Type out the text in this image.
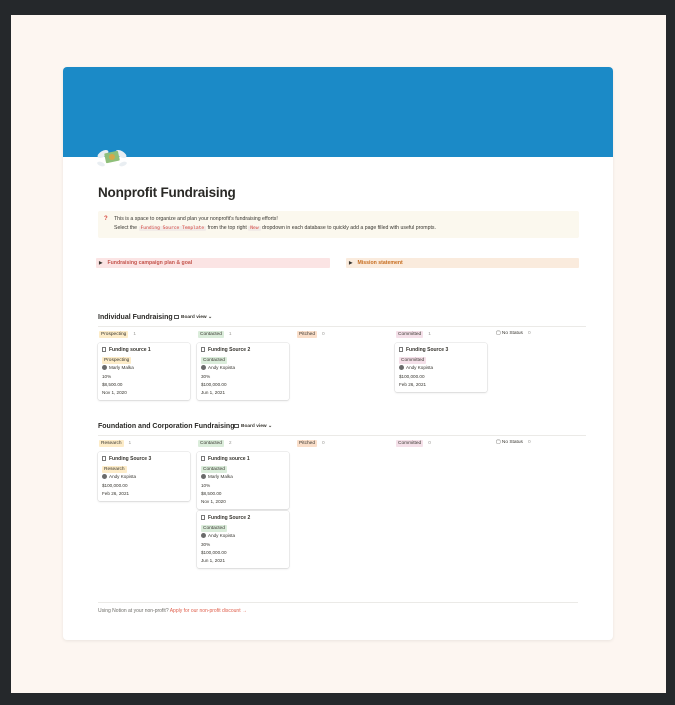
Nonprofit Fundraising
? This is a space to organize and plan your nonprofit's fundraising efforts!
Select the Funding Source Template from the top right New dropdown in each database to quickly add a page filled with useful prompts.
▶ Fundraising campaign plan & goal	▶ Mission statement
Individual Fundraising	Board view ⌄
Prospecting 1	Contacted 1	Pitched 0	Committed 1	▢ No Status 0
Funding source 1
Prospecting
Marly Malka
10%
$8,500.00
Nov 1, 2020
Funding Source 2
Contacted
Andy Kopista
30%
$100,000.00
Jun 1, 2021
Funding Source 3
Committed
Andy Kopista
$100,000.00
Feb 26, 2021
Foundation and Corporation Fundraising	Board view ⌄
Research 1	Contacted 2	Pitched 0	Committed 0	▢ No Status 0
Funding Source 3
Research
Andy Kopista
$100,000.00
Feb 26, 2021
Funding source 1
Contacted
Marly Malka
10%
$8,500.00
Nov 1, 2020
Funding Source 2
Contacted
Andy Kopista
30%
$100,000.00
Jun 1, 2021
Using Notion at your non-profit? Apply for our non-profit discount →
